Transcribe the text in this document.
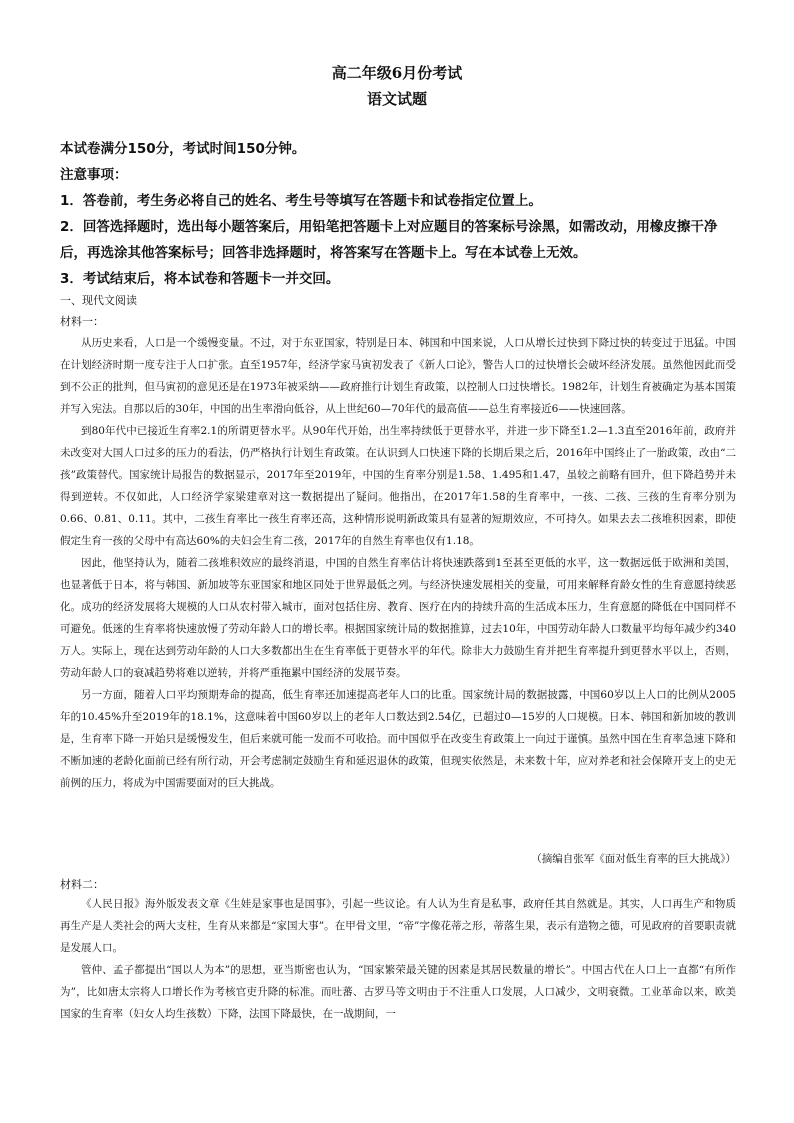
高二年级6月份考试
语文试题
本试卷满分150分，考试时间150分钟。
注意事项：
1．答卷前，考生务必将自己的姓名、考生号等填写在答题卡和试卷指定位置上。
2．回答选择题时，选出每小题答案后，用铅笔把答题卡上对应题目的答案标号涂黑，如需改动，用橡皮擦干净后，再选涂其他答案标号；回答非选择题时，将答案写在答题卡上。写在本试卷上无效。
3．考试结束后，将本试卷和答题卡一并交回。
一、现代文阅读
材料一：

从历史来看，人口是一个缓慢变量。不过，对于东亚国家，特别是日本、韩国和中国来说，人口从增长过快到下降过快的转变过于迅猛。中国在计划经济时期一度专注于人口扩张。直至1957年，经济学家马寅初发表了《新人口论》，警告人口的过快增长会破坏经济发展。虽然他因此而受到不公正的批判，但马寅初的意见还是在1973年被采纳——政府推行计划生育政策，以控制人口过快增长。1982年，计划生育被确定为基本国策并写入宪法。自那以后的30年，中国的出生率滑向低谷，从上世纪60—70年代的最高值——总生育率接近6——快速回落。

到80年代中已接近生育率2.1的所谓更替水平。从90年代开始，出生率持续低于更替水平，并进一步下降至1.2—1.3直至2016年前，政府并未改变对大国人口过多的压力的看法，仍严格执行计划生育政策。在认识到人口快速下降的长期后果之后，2016年中国终止了一胎政策，改由“二孩”政策替代。国家统计局报告的数据显示，2017年至2019年，中国的生育率分别是1.58、1.495和1.47，虽较之前略有回升，但下降趋势并未得到逆转。不仅如此，人口经济学家梁建章对这一数据提出了疑问。他指出，在2017年1.58的生育率中，一孩、二孩、三孩的生育率分别为0.66、0.81、0.11。其中，二孩生育率比一孩生育率还高，这种情形说明新政策具有显著的短期效应，不可持久。如果去去二孩堆积因素，即使假定生育一孩的父母中有高达60%的夫妇会生育二孩，2017年的自然生育率也仅有1.18。

因此，他坚持认为，随着二孩堆积效应的最终消退，中国的自然生育率估计将快速跌落到1至甚至更低的水平，这一数据远低于欧洲和美国，也显著低于日本，将与韩国、新加坡等东亚国家和地区同处于世界最低之列。与经济快速发展相关的变量，可用来解释育龄女性的生育意愿持续恶化。成功的经济发展将大规模的人口从农村带入城市，面对包括住房、教育、医疗在内的持续升高的生活成本压力，生育意愿的降低在中国同样不可避免。低迷的生育率将快速放慢了劳动年龄人口的增长率。根据国家统计局的数据推算，过去10年，中国劳动年龄人口数量平均每年减少约340万人。实际上，现在达到劳动年龄的人口大多数都出生在生育率低于更替水平的年代。除非大力鼓励生育并把生育率提升到更替水平以上，否则，劳动年龄人口的衰减趋势将难以逆转，并将严重拖累中国经济的发展节奏。

另一方面，随着人口平均预期寿命的提高，低生育率还加速提高老年人口的比重。国家统计局的数据披露，中国60岁以上人口的比例从2005年的10.45%升至2019年的18.1%，这意味着中国60岁以上的老年人口数达到2.54亿，已超过0—15岁的人口规模。日本、韩国和新加坡的教训是，生育率下降一开始只是缓慢发生，但后来就可能一发而不可收拾。而中国似乎在改变生育政策上一向过于谨慎。虽然中国在生育率急速下降和不断加速的老龄化面前已经有所行动，开会考虑制定鼓励生育和延迟退休的政策，但现实依然是，未来数十年，应对养老和社会保障开支上的史无前例的压力，将成为中国需要面对的巨大挑战。

（摘编自张军《面对低生育率的巨大挑战》）
材料二：

《人民日报》海外版发表文章《生娃是家事也是国事》，引起一些议论。有人认为生育是私事，政府任其自然就是。其实，人口再生产和物质再生产是人类社会的两大支柱，生育从来都是“家国大事”。在甲骨文里，“帝”字像花蒂之形，蒂落生果，表示有造物之德，可见政府的首要职责就是发展人口。

管仲、孟子都提出“国以人为本”的思想，亚当斯密也认为，“国家繁荣最关键的因素是其居民数量的增长”。中国古代在人口上一直都“有所作为”，比如唐太宗将人口增长作为考核官吏升降的标准。而吐蕃、古罗马等文明由于不注重人口发展，人口减少，文明衰微。工业革命以来，欧美国家的生育率（妇女人均生孩数）下降，法国下降最快，在一战期间，一
